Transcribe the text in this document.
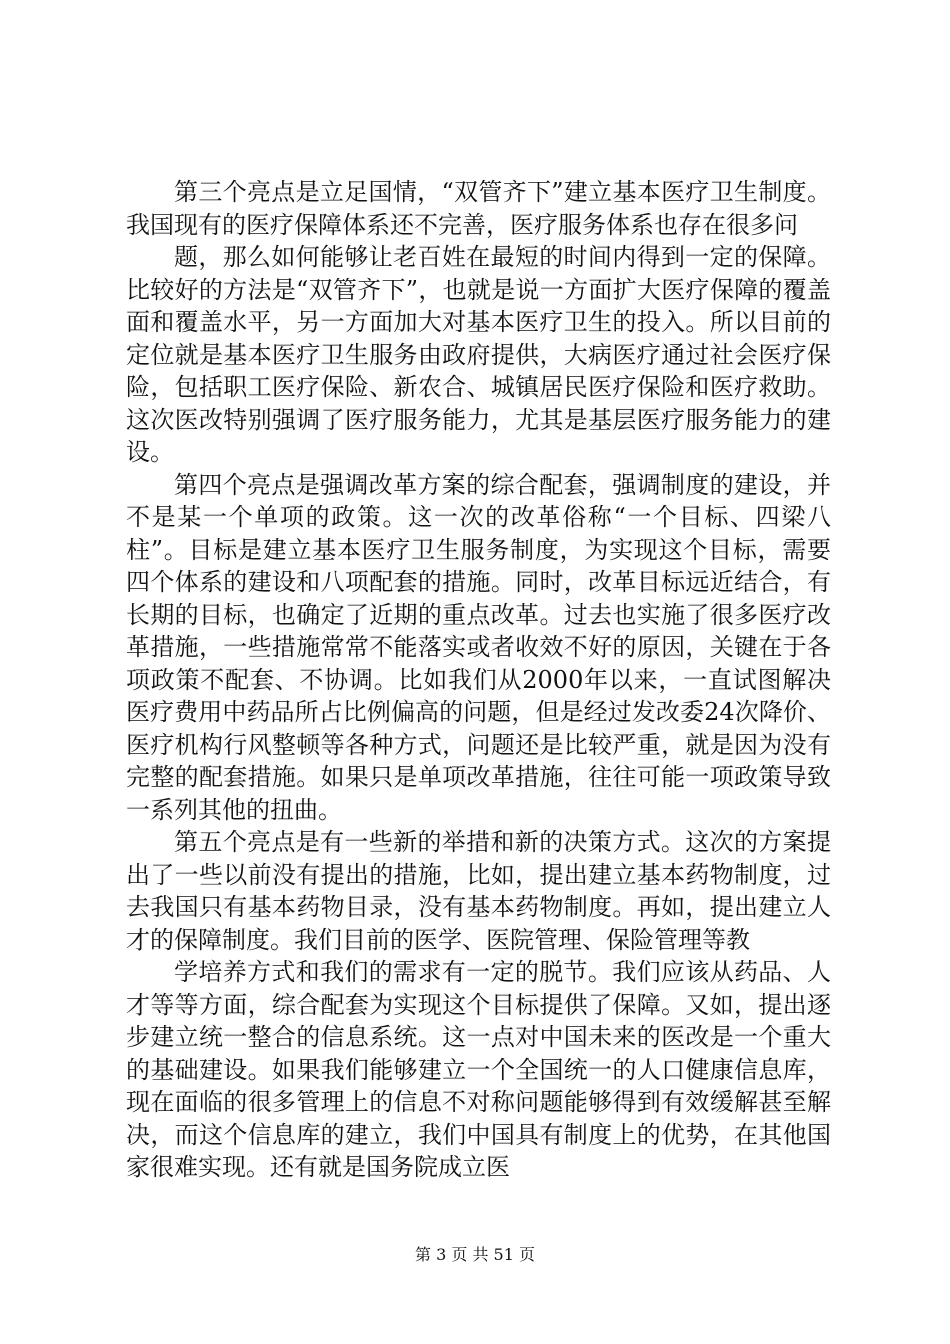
第三个亮点是立足国情，“双管齐下”建立基本医疗卫生制度。我国现有的医疗保障体系还不完善，医疗服务体系也存在很多问

题，那么如何能够让老百姓在最短的时间内得到一定的保障。比较好的方法是“双管齐下”，也就是说一方面扩大医疗保障的覆盖面和覆盖水平，另一方面加大对基本医疗卫生的投入。所以目前的定位就是基本医疗卫生服务由政府提供，大病医疗通过社会医疗保险，包括职工医疗保险、新农合、城镇居民医疗保险和医疗救助。这次医改特别强调了医疗服务能力，尤其是基层医疗服务能力的建设。

第四个亮点是强调改革方案的综合配套，强调制度的建设，并不是某一个单项的政策。这一次的改革俗称“一个目标、四梁八柱”。目标是建立基本医疗卫生服务制度，为实现这个目标，需要四个体系的建设和八项配套的措施。同时，改革目标远近结合，有长期的目标，也确定了近期的重点改革。过去也实施了很多医疗改革措施，一些措施常常不能落实或者收效不好的原因，关键在于各项政策不配套、不协调。比如我们从2000年以来，一直试图解决医疗费用中药品所占比例偏高的问题，但是经过发改委24次降价、医疗机构行风整顿等各种方式，问题还是比较严重，就是因为没有完整的配套措施。如果只是单项改革措施，往往可能一项政策导致一系列其他的扭曲。

第五个亮点是有一些新的举措和新的决策方式。这次的方案提出了一些以前没有提出的措施，比如，提出建立基本药物制度，过去我国只有基本药物目录，没有基本药物制度。再如，提出建立人才的保障制度。我们目前的医学、医院管理、保险管理等教

学培养方式和我们的需求有一定的脱节。我们应该从药品、人才等等方面，综合配套为实现这个目标提供了保障。又如，提出逐步建立统一整合的信息系统。这一点对中国未来的医改是一个重大的基础建设。如果我们能够建立一个全国统一的人口健康信息库，现在面临的很多管理上的信息不对称问题能够得到有效缓解甚至解决，而这个信息库的建立，我们中国具有制度上的优势，在其他国家很难实现。还有就是国务院成立医

第 3 页 共 51 页
